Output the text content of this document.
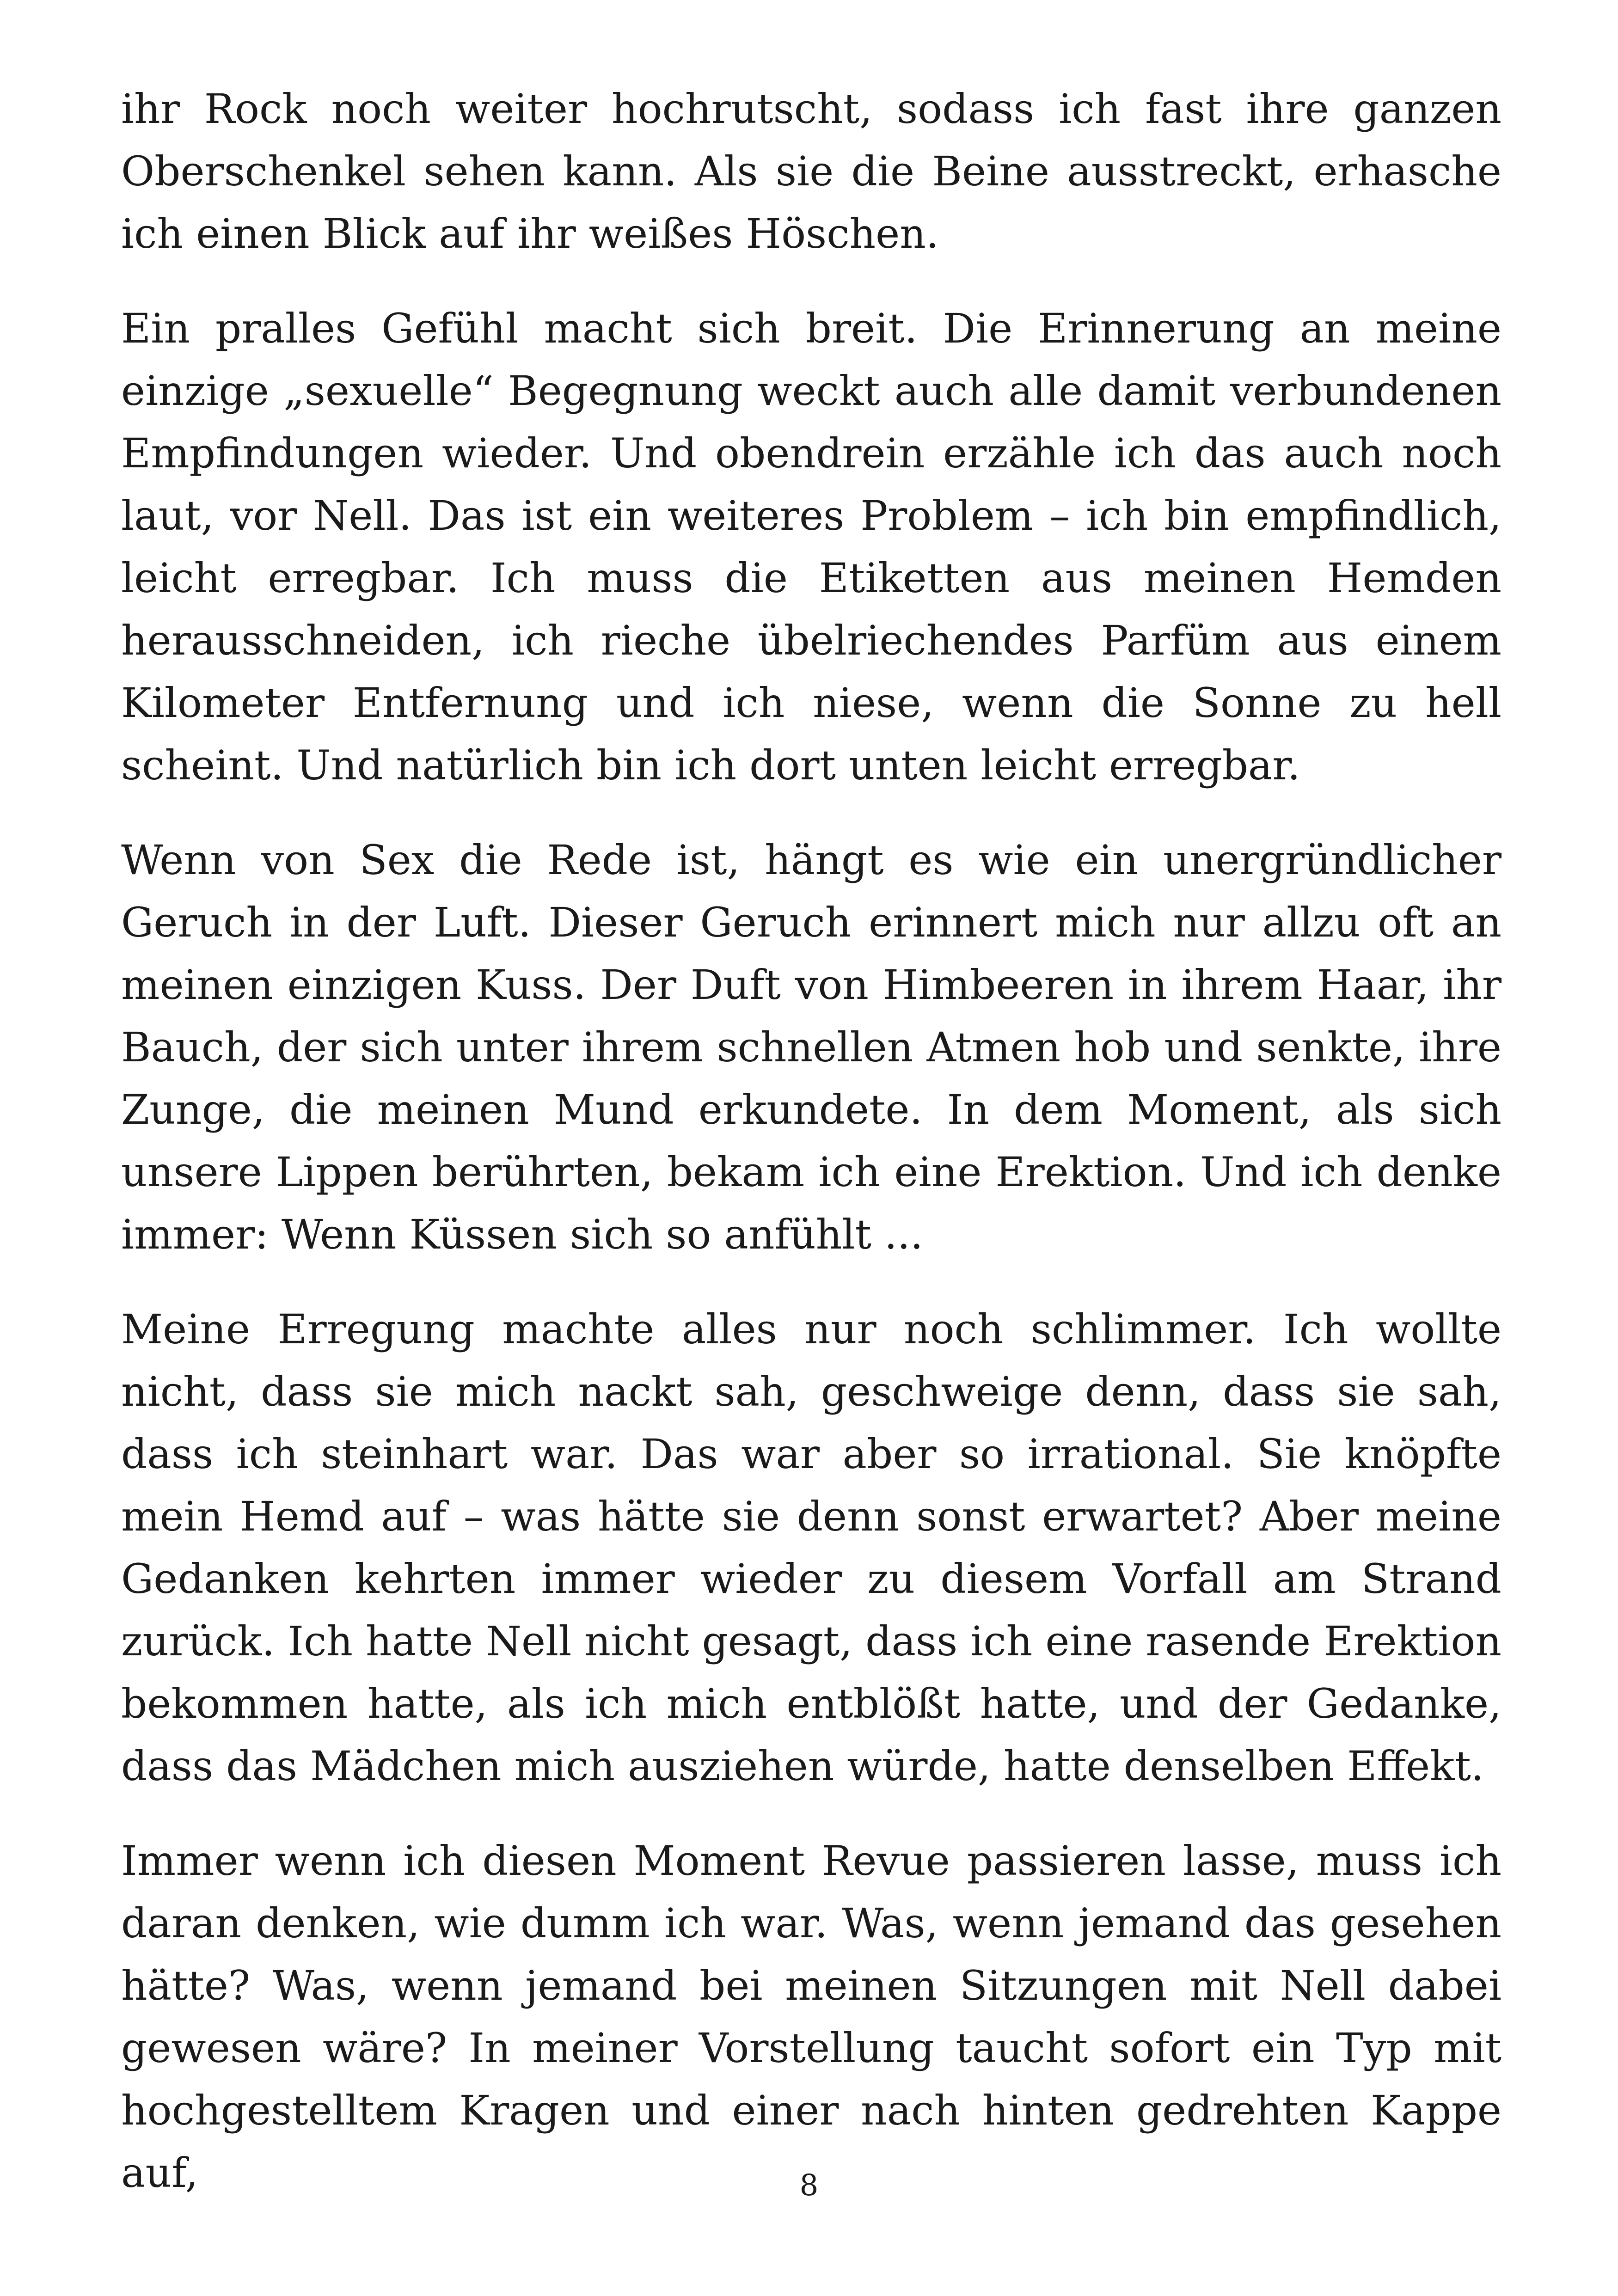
ihr Rock noch weiter hochrutscht, sodass ich fast ihre ganzen Oberschenkel sehen kann. Als sie die Beine ausstreckt, erhasche ich einen Blick auf ihr weißes Höschen.

Ein pralles Gefühl macht sich breit. Die Erinnerung an meine einzige „sexuelle“ Begegnung weckt auch alle damit verbundenen Empfindungen wieder. Und obendrein erzähle ich das auch noch laut, vor Nell. Das ist ein weiteres Problem – ich bin empfindlich, leicht erregbar. Ich muss die Etiketten aus meinen Hemden herausschneiden, ich rieche übelriechendes Parfüm aus einem Kilometer Entfernung und ich niese, wenn die Sonne zu hell scheint. Und natürlich bin ich dort unten leicht erregbar.

Wenn von Sex die Rede ist, hängt es wie ein unergründlicher Geruch in der Luft. Dieser Geruch erinnert mich nur allzu oft an meinen einzigen Kuss. Der Duft von Himbeeren in ihrem Haar, ihr Bauch, der sich unter ihrem schnellen Atmen hob und senkte, ihre Zunge, die meinen Mund erkundete. In dem Moment, als sich unsere Lippen berührten, bekam ich eine Erektion. Und ich denke immer: Wenn Küssen sich so anfühlt ...

Meine Erregung machte alles nur noch schlimmer. Ich wollte nicht, dass sie mich nackt sah, geschweige denn, dass sie sah, dass ich steinhart war. Das war aber so irrational. Sie knöpfte mein Hemd auf – was hätte sie denn sonst erwartet? Aber meine Gedanken kehrten immer wieder zu diesem Vorfall am Strand zurück. Ich hatte Nell nicht gesagt, dass ich eine rasende Erektion bekommen hatte, als ich mich entblößt hatte, und der Gedanke, dass das Mädchen mich ausziehen würde, hatte denselben Effekt.

Immer wenn ich diesen Moment Revue passieren lasse, muss ich daran denken, wie dumm ich war. Was, wenn jemand das gesehen hätte? Was, wenn jemand bei meinen Sitzungen mit Nell dabei gewesen wäre? In meiner Vorstellung taucht sofort ein Typ mit hochgestelltem Kragen und einer nach hinten gedrehten Kappe auf,	8
